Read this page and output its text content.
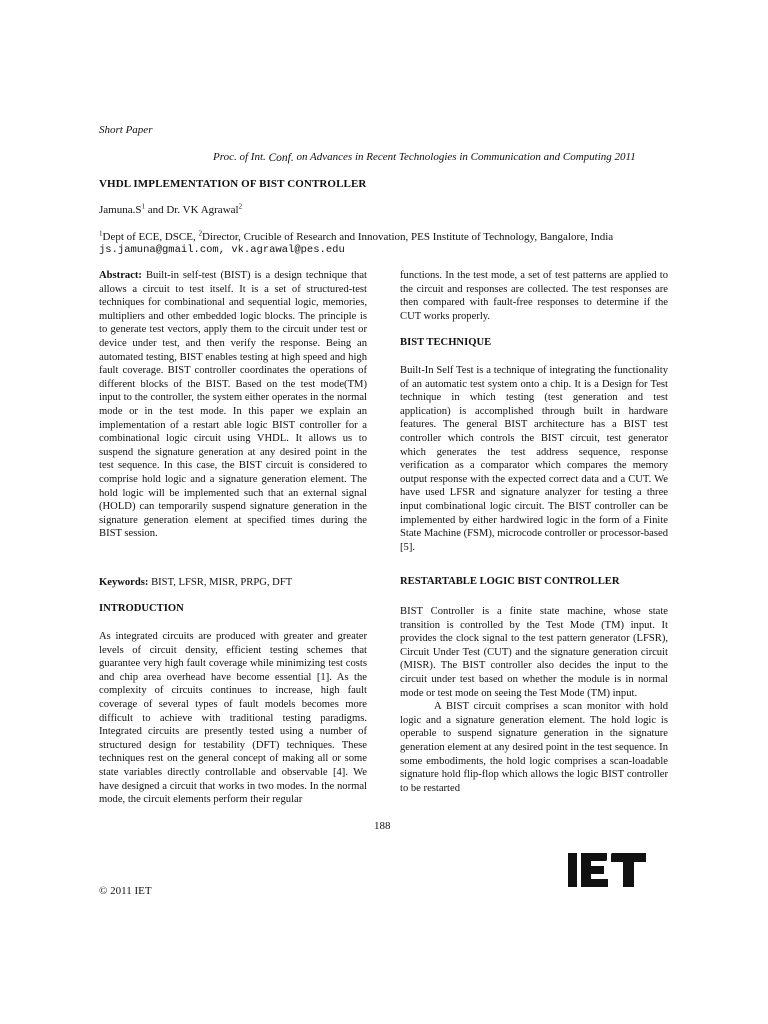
Short Paper
Proc. of Int. Conf. on Advances in Recent Technologies in Communication and Computing 2011
VHDL IMPLEMENTATION OF BIST CONTROLLER
$Jamuna.S^1$ and Dr. VK Agrawal$^2$
$^1$Dept of ECE, DSCE, $^2$Director, Crucible of Research and Innovation, PES Institute of Technology, Bangalore, India
js.jamuna@gmail.com, vk.agrawal@pes.edu

Abstract: Built-in self-test (BIST) is a design technique that allows a circuit to test itself. It is a set of structured-test techniques for combinational and sequential logic, memories, multipliers and other embedded logic blocks. The principle is to generate test vectors, apply them to the circuit under test or device under test, and then verify the response. Being an automated testing, BIST enables testing at high speed and high fault coverage. BIST controller coordinates the operations of different blocks of the BIST. Based on the test mode(TM) input to the controller, the system either operates in the normal mode or in the test mode. In this paper we explain an implementation of a restart able logic BIST controller for a combinational logic circuit using VHDL. It allows us to suspend the signature generation at any desired point in the test sequence. In this case, the BIST circuit is considered to comprise hold logic and a signature generation element. The hold logic will be implemented such that an external signal (HOLD) can temporarily suspend signature generation in the signature generation element at specified times during the BIST session.

Keywords: BIST, LFSR, MISR, PRPG, DFT

INTRODUCTION

As integrated circuits are produced with greater and greater levels of circuit density, efficient testing schemes that guarantee very high fault coverage while minimizing test costs and chip area overhead have become essential [1]. As the complexity of circuits continues to increase, high fault coverage of several types of fault models becomes more difficult to achieve with traditional testing paradigms. Integrated circuits are presently tested using a number of structured design for testability (DFT) techniques. These techniques rest on the general concept of making all or some state variables directly controllable and observable [4]. We have designed a circuit that works in two modes. In the normal mode, the circuit elements perform their regular

functions. In the test mode, a set of test patterns are applied to the circuit and responses are collected. The test responses are then compared with fault-free responses to determine if the CUT works properly.

BIST TECHNIQUE

Built-In Self Test is a technique of integrating the functionality of an automatic test system onto a chip. It is a Design for Test technique in which testing (test generation and test application) is accomplished through built in hardware features. The general BIST architecture has a BIST test controller which controls the BIST circuit, test generator which generates the test address sequence, response verification as a comparator which compares the memory output response with the expected correct data and a CUT. We have used LFSR and signature analyzer for testing a three input combinational logic circuit. The BIST controller can be implemented by either hardwired logic in the form of a Finite State Machine (FSM), microcode controller or processor-based [5].

RESTARTABLE LOGIC BIST CONTROLLER

BIST Controller is a finite state machine, whose state transition is controlled by the Test Mode (TM) input. It provides the clock signal to the test pattern generator (LFSR), Circuit Under Test (CUT) and the signature generation circuit (MISR). The BIST controller also decides the input to the circuit under test based on whether the module is in normal mode or test mode on seeing the Test Mode (TM) input.

A BIST circuit comprises a scan monitor with hold logic and a signature generation element. The hold logic is operable to suspend signature generation in the signature generation element at any desired point in the test sequence. In some embodiments, the hold logic comprises a scan-loadable signature hold flip-flop which allows the logic BIST controller to be restarted

188
© 2011 IET
